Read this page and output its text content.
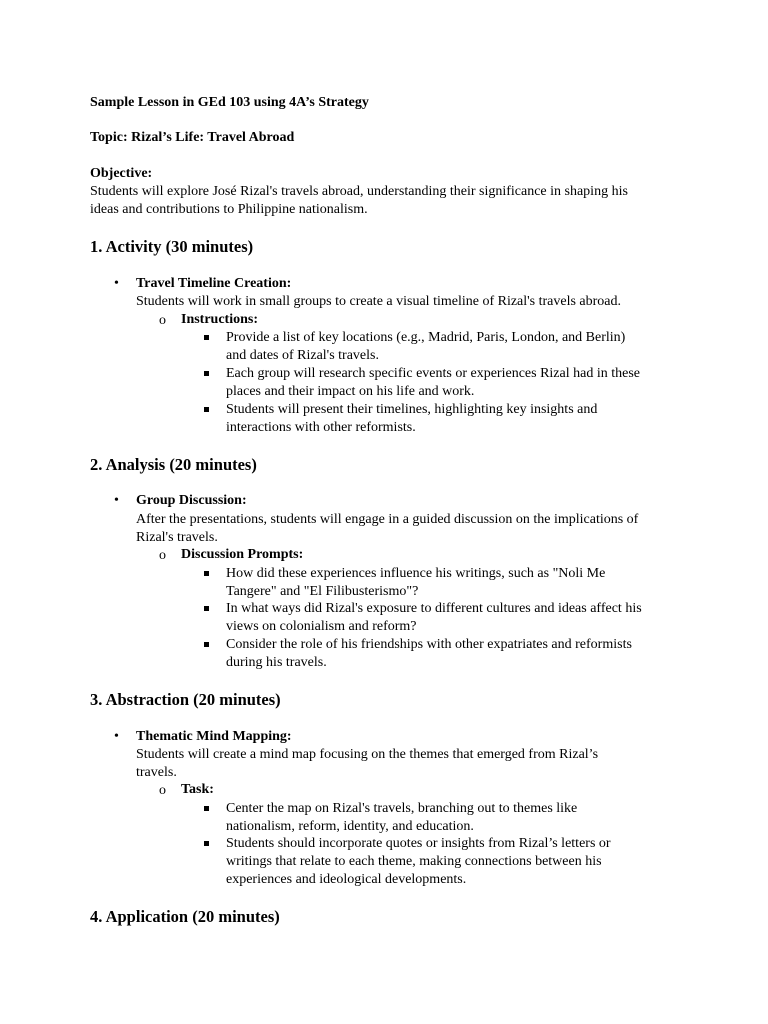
Sample Lesson in GEd 103 using 4A’s Strategy

Topic: Rizal’s Life: Travel Abroad

Objective:

Students will explore José Rizal's travels abroad, understanding their significance in shaping his

ideas and contributions to Philippine nationalism.

1. Activity (30 minutes)

• Travel Timeline Creation:

Students will work in small groups to create a visual timeline of Rizal's travels abroad.

o Instructions:

Provide a list of key locations (e.g., Madrid, Paris, London, and Berlin)

and dates of Rizal's travels.

Each group will research specific events or experiences Rizal had in these

places and their impact on his life and work.

Students will present their timelines, highlighting key insights and

interactions with other reformists.

2. Analysis (20 minutes)

• Group Discussion:

After the presentations, students will engage in a guided discussion on the implications of

Rizal's travels.

o Discussion Prompts:

How did these experiences influence his writings, such as "Noli Me

Tangere" and "El Filibusterismo"?

In what ways did Rizal's exposure to different cultures and ideas affect his

views on colonialism and reform?

Consider the role of his friendships with other expatriates and reformists

during his travels.

3. Abstraction (20 minutes)

• Thematic Mind Mapping:

Students will create a mind map focusing on the themes that emerged from Rizal’s

travels.

o Task:

Center the map on Rizal's travels, branching out to themes like

nationalism, reform, identity, and education.

Students should incorporate quotes or insights from Rizal’s letters or

writings that relate to each theme, making connections between his

experiences and ideological developments.

4. Application (20 minutes)
